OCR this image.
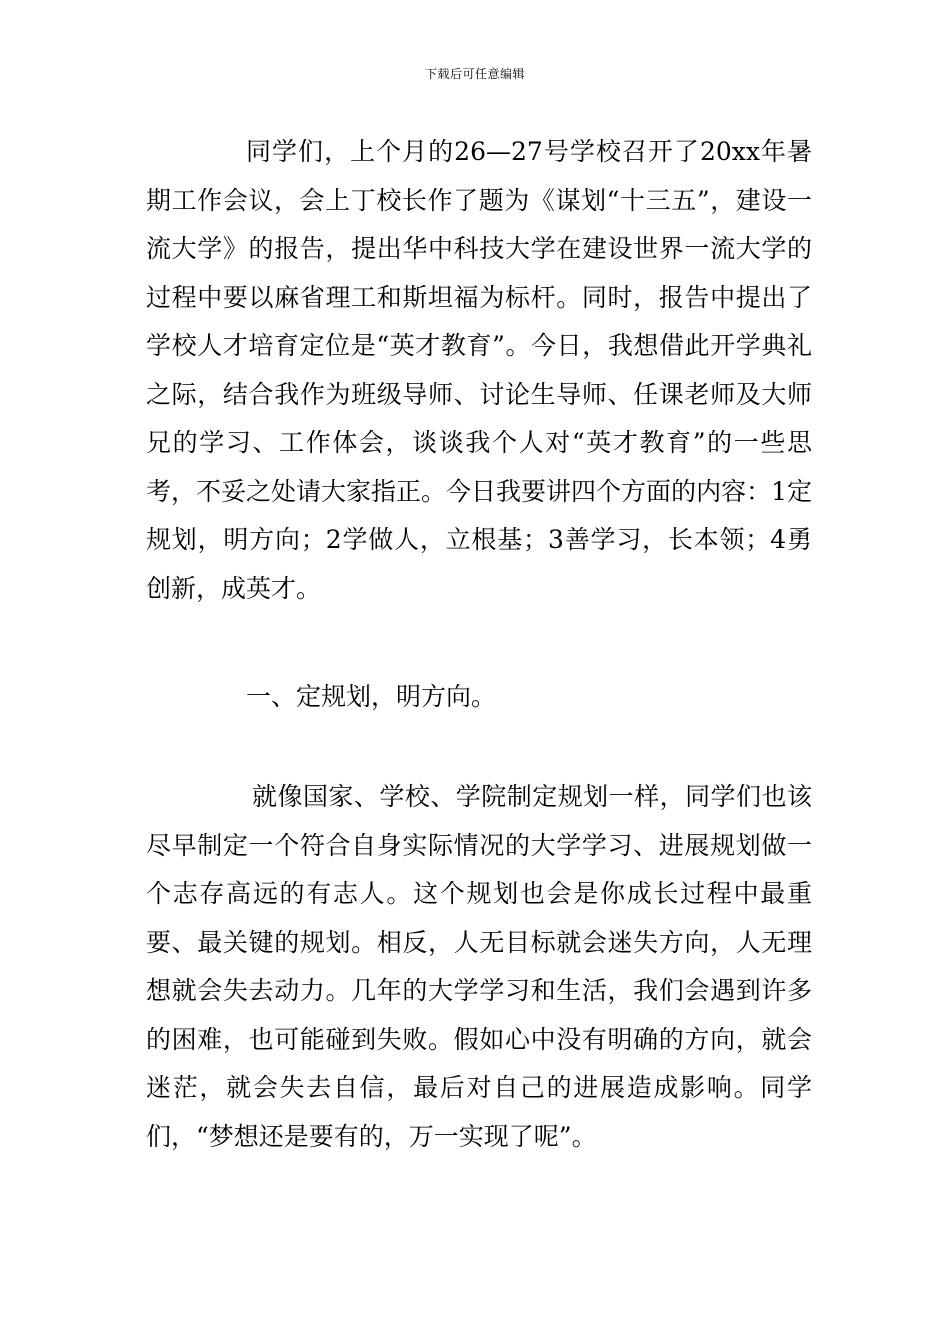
下载后可任意编辑

同学们，上个月的26—27号学校召开了20xx年暑期工作会议，会上丁校长作了题为《谋划“十三五”，建设一流大学》的报告，提出华中科技大学在建设世界一流大学的过程中要以麻省理工和斯坦福为标杆。同时，报告中提出了学校人才培育定位是“英才教育”。今日，我想借此开学典礼之际，结合我作为班级导师、讨论生导师、任课老师及大师兄的学习、工作体会，谈谈我个人对“英才教育”的一些思考，不妥之处请大家指正。今日我要讲四个方面的内容：1定规划，明方向；2学做人，立根基；3善学习，长本领；4勇创新，成英才。

一、定规划，明方向。

就像国家、学校、学院制定规划一样，同学们也该尽早制定一个符合自身实际情况的大学学习、进展规划做一个志存高远的有志人。这个规划也会是你成长过程中最重要、最关键的规划。相反，人无目标就会迷失方向，人无理想就会失去动力。几年的大学学习和生活，我们会遇到许多的困难，也可能碰到失败。假如心中没有明确的方向，就会迷茫，就会失去自信，最后对自己的进展造成影响。同学们，“梦想还是要有的，万一实现了呢”。
